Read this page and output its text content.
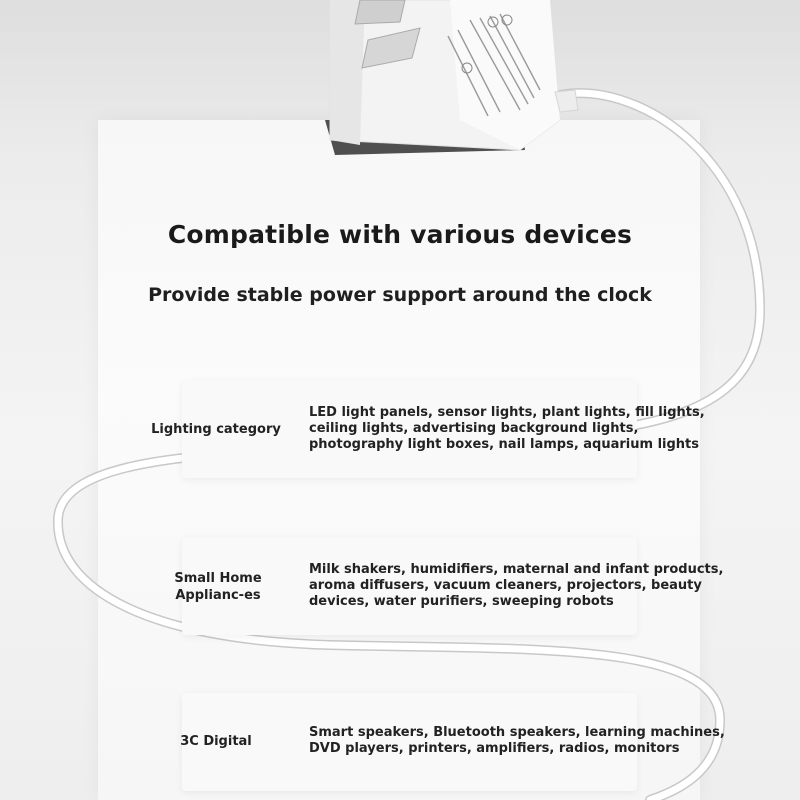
Compatible with various devices
Provide stable power support around the clock
Lighting category
LED light panels, sensor lights, plant lights, fill lights, ceiling lights, advertising background lights, photography light boxes, nail lamps, aquarium lights
Small Home Applianc-es
Milk shakers, humidifiers, maternal and infant products, aroma diffusers, vacuum cleaners, projectors, beauty devices, water purifiers, sweeping robots
3C Digital
Smart speakers, Bluetooth speakers, learning machines, DVD players, printers, amplifiers, radios, monitors
